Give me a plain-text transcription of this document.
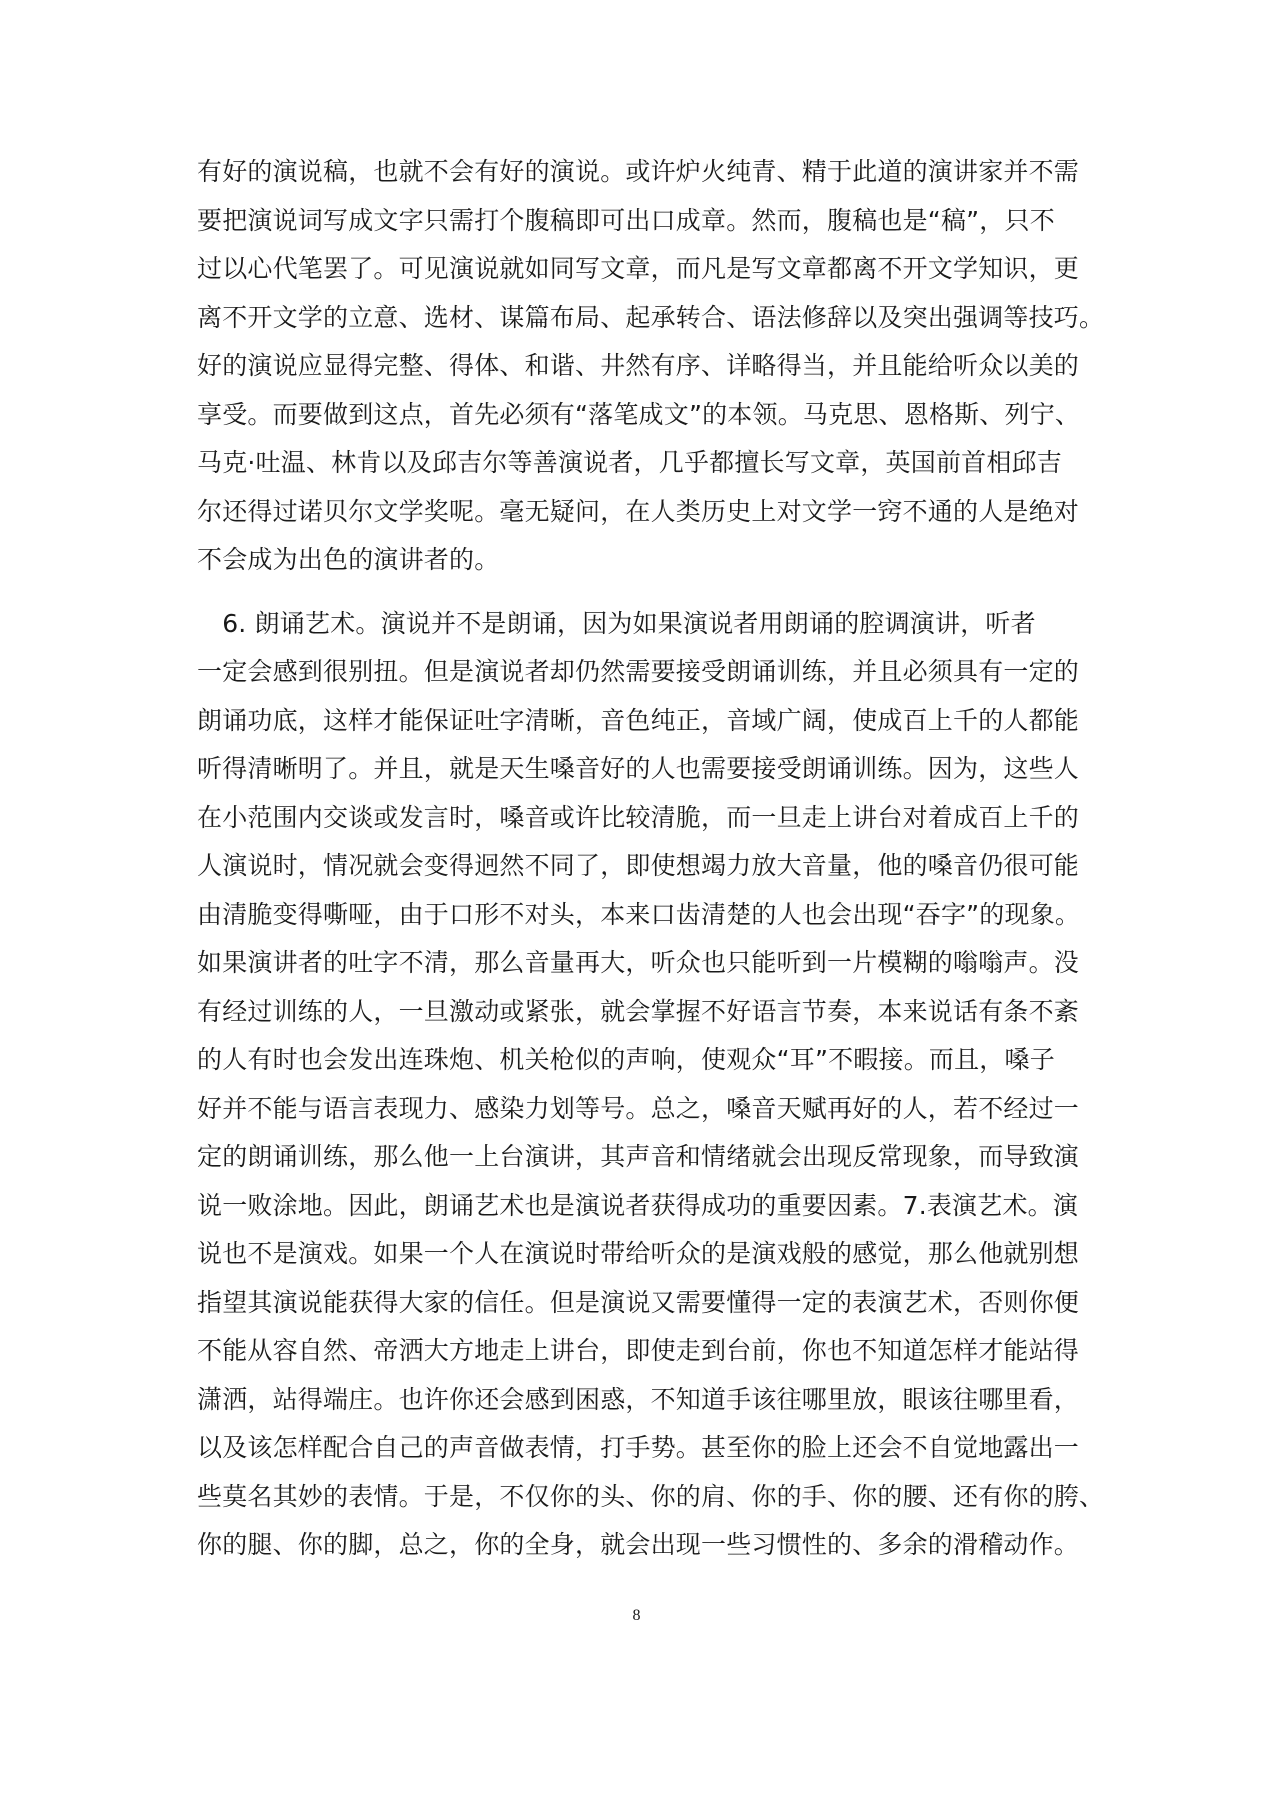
有好的演说稿，也就不会有好的演说。或许炉火纯青、精于此道的演讲家并不需
要把演说词写成文字只需打个腹稿即可出口成章。然而，腹稿也是“稿”，只不
过以心代笔罢了。可见演说就如同写文章，而凡是写文章都离不开文学知识，更
离不开文学的立意、选材、谋篇布局、起承转合、语法修辞以及突出强调等技巧。
好的演说应显得完整、得体、和谐、井然有序、详略得当，并且能给听众以美的
享受。而要做到这点，首先必须有“落笔成文”的本领。马克思、恩格斯、列宁、
马克·吐温、林肯以及邱吉尔等善演说者，几乎都擅长写文章，英国前首相邱吉
尔还得过诺贝尔文学奖呢。毫无疑问，在人类历史上对文学一窍不通的人是绝对
不会成为出色的演讲者的。
　6. 朗诵艺术。演说并不是朗诵，因为如果演说者用朗诵的腔调演讲，听者
一定会感到很别扭。但是演说者却仍然需要接受朗诵训练，并且必须具有一定的
朗诵功底，这样才能保证吐字清晰，音色纯正，音域广阔，使成百上千的人都能
听得清晰明了。并且，就是天生嗓音好的人也需要接受朗诵训练。因为，这些人
在小范围内交谈或发言时，嗓音或许比较清脆，而一旦走上讲台对着成百上千的
人演说时，情况就会变得迥然不同了，即使想竭力放大音量，他的嗓音仍很可能
由清脆变得嘶哑，由于口形不对头，本来口齿清楚的人也会出现“吞字”的现象。
如果演讲者的吐字不清，那么音量再大，听众也只能听到一片模糊的嗡嗡声。没
有经过训练的人，一旦激动或紧张，就会掌握不好语言节奏，本来说话有条不紊
的人有时也会发出连珠炮、机关枪似的声响，使观众“耳”不暇接。而且，嗓子
好并不能与语言表现力、感染力划等号。总之，嗓音天赋再好的人，若不经过一
定的朗诵训练，那么他一上台演讲，其声音和情绪就会出现反常现象，而导致演
说一败涂地。因此，朗诵艺术也是演说者获得成功的重要因素。7.表演艺术。演
说也不是演戏。如果一个人在演说时带给听众的是演戏般的感觉，那么他就别想
指望其演说能获得大家的信任。但是演说又需要懂得一定的表演艺术，否则你便
不能从容自然、帝洒大方地走上讲台，即使走到台前，你也不知道怎样才能站得
潇洒，站得端庄。也许你还会感到困惑，不知道手该往哪里放，眼该往哪里看，
以及该怎样配合自己的声音做表情，打手势。甚至你的脸上还会不自觉地露出一
些莫名其妙的表情。于是，不仅你的头、你的肩、你的手、你的腰、还有你的胯、
你的腿、你的脚，总之，你的全身，就会出现一些习惯性的、多余的滑稽动作。
8
